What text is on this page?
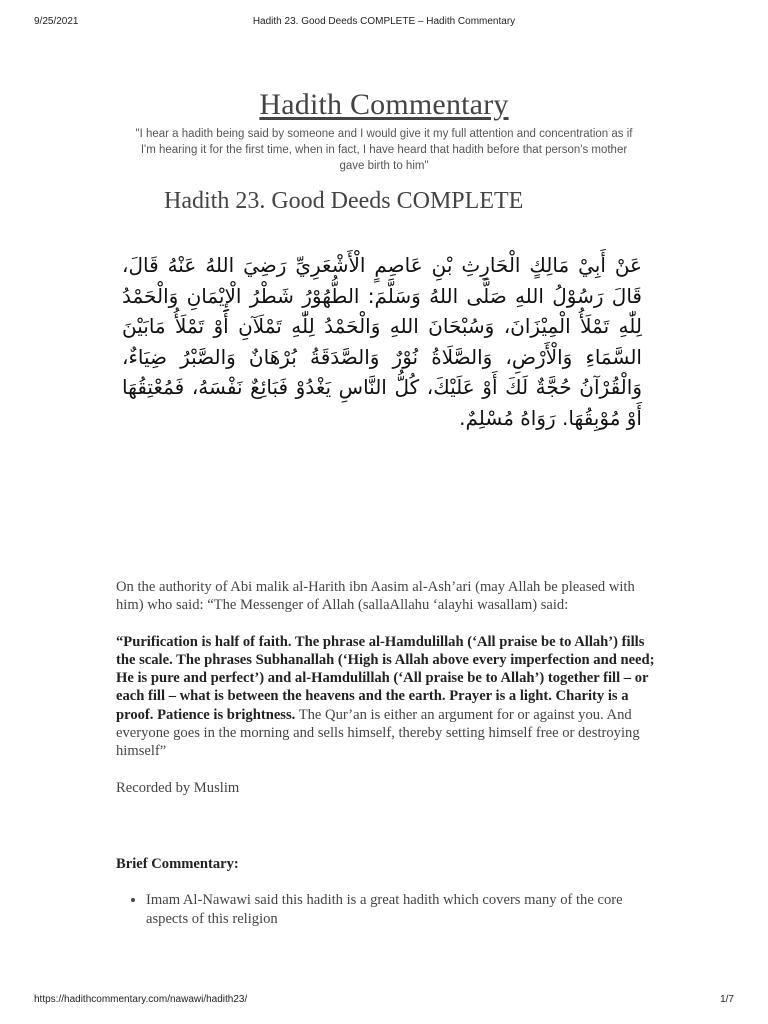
9/25/2021	Hadith 23. Good Deeds COMPLETE – Hadith Commentary
Hadith Commentary
"I hear a hadith being said by someone and I would give it my full attention and concentration as if I'm hearing it for the first time, when in fact, I have heard that hadith before that person's mother gave birth to him"
Hadith 23. Good Deeds COMPLETE
عَنْ أَبِيْ مَالِكٍ الْحَارِثِ بْنِ عَاصِمٍ الْأَشْعَرِيِّ رَضِيَ اللهُ عَنْهُ قَالَ، قَالَ رَسُوْلُ اللهِ صَلَّى اللهُ وَسَلَّمَ: الطُّهُوْرُ شَطْرُ الْإِيْمَانِ وَالْحَمْدُ لِلّٰهِ تَمْلَأُ الْمِيْزَانَ، وَسُبْحَانَ اللهِ وَالْحَمْدُ لِلّٰهِ تَمْلَآنِ أَوْ تَمْلَأُ مَابَيْنَ السَّمَاءِ وَالْأَرْضِ، وَالصَّلَاةُ نُوْرٌ وَالصَّدَقَةُ بُرْهَانٌ وَالصَّبْرُ ضِيَاءٌ، وَالْقُرْآنُ حُجَّةٌ لَكَ أَوْ عَلَيْكَ، كُلُّ النَّاسِ يَغْدُوْ فَبَائِعٌ نَفْسَهُ، فَمُعْتِقُهَا أَوْ مُوْبِقُهَا. رَوَاهُ مُسْلِمٌ.

On the authority of Abi malik al-Harith ibn Aasim al-Ash’ari (may Allah be pleased with him) who said: “The Messenger of Allah (sallaAllahu ‘alayhi wasallam) said:

“Purification is half of faith. The phrase al-Hamdulillah (‘All praise be to Allah’) fills the scale. The phrases Subhanallah (‘High is Allah above every imperfection and need; He is pure and perfect’) and al-Hamdulillah (‘All praise be to Allah’) together fill – or each fill – what is between the heavens and the earth. Prayer is a light. Charity is a proof. Patience is brightness. The Qur’an is either an argument for or against you. And everyone goes in the morning and sells himself, thereby setting himself free or destroying himself”

Recorded by Muslim

Brief Commentary:

• Imam Al-Nawawi said this hadith is a great hadith which covers many of the core aspects of this religion
https://hadithcommentary.com/nawawi/hadith23/	1/7
